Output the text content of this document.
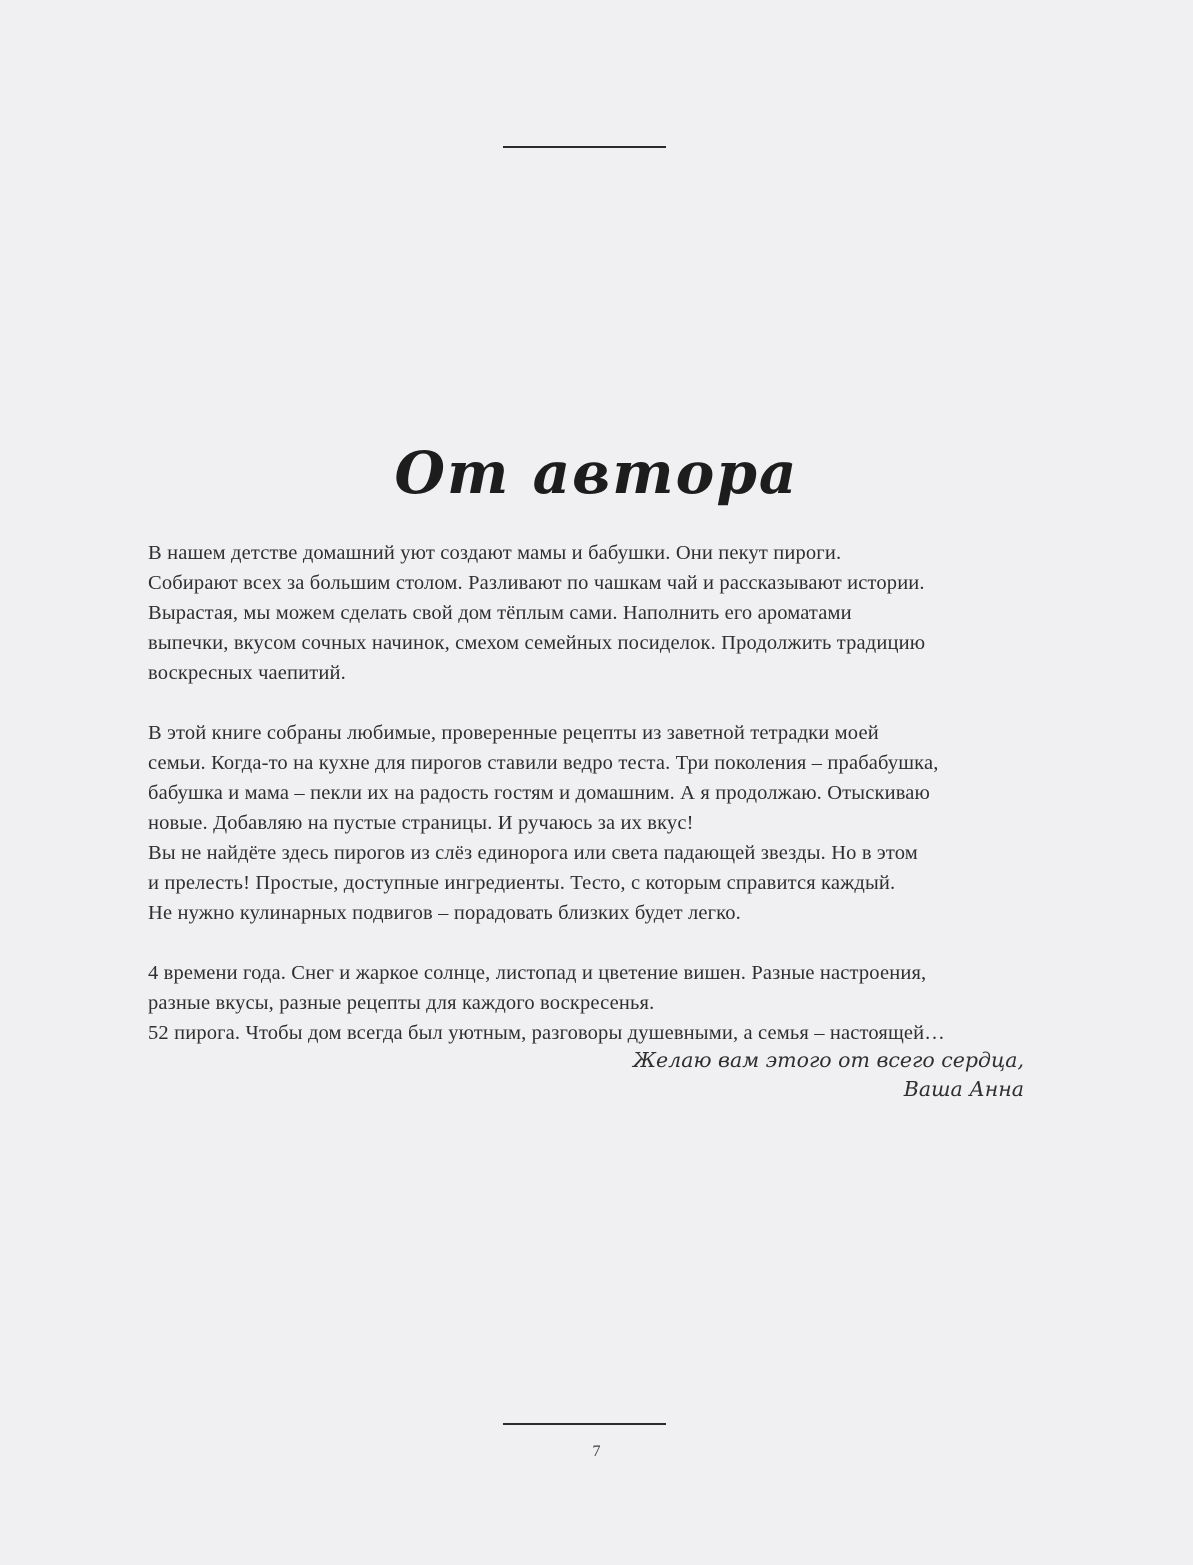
От автора

В нашем детстве домашний уют создают мамы и бабушки. Они пекут пироги.
Собирают всех за большим столом. Разливают по чашкам чай и рассказывают истории.
Вырастая, мы можем сделать свой дом тёплым сами. Наполнить его ароматами
выпечки, вкусом сочных начинок, смехом семейных посиделок. Продолжить традицию
воскресных чаепитий.

В этой книге собраны любимые, проверенные рецепты из заветной тетрадки моей
семьи. Когда-то на кухне для пирогов ставили ведро теста. Три поколения – прабабушка,
бабушка и мама – пекли их на радость гостям и домашним. А я продолжаю. Отыскиваю
новые. Добавляю на пустые страницы. И ручаюсь за их вкус!
Вы не найдёте здесь пирогов из слёз единорога или света падающей звезды. Но в этом
и прелесть! Простые, доступные ингредиенты. Тесто, с которым справится каждый.
Не нужно кулинарных подвигов – порадовать близких будет легко.

4 времени года. Снег и жаркое солнце, листопад и цветение вишен. Разные настроения,
разные вкусы, разные рецепты для каждого воскресенья.
52 пирога. Чтобы дом всегда был уютным, разговоры душевными, а семья – настоящей…

Желаю вам этого от всего сердца,
Ваша Анна
7
